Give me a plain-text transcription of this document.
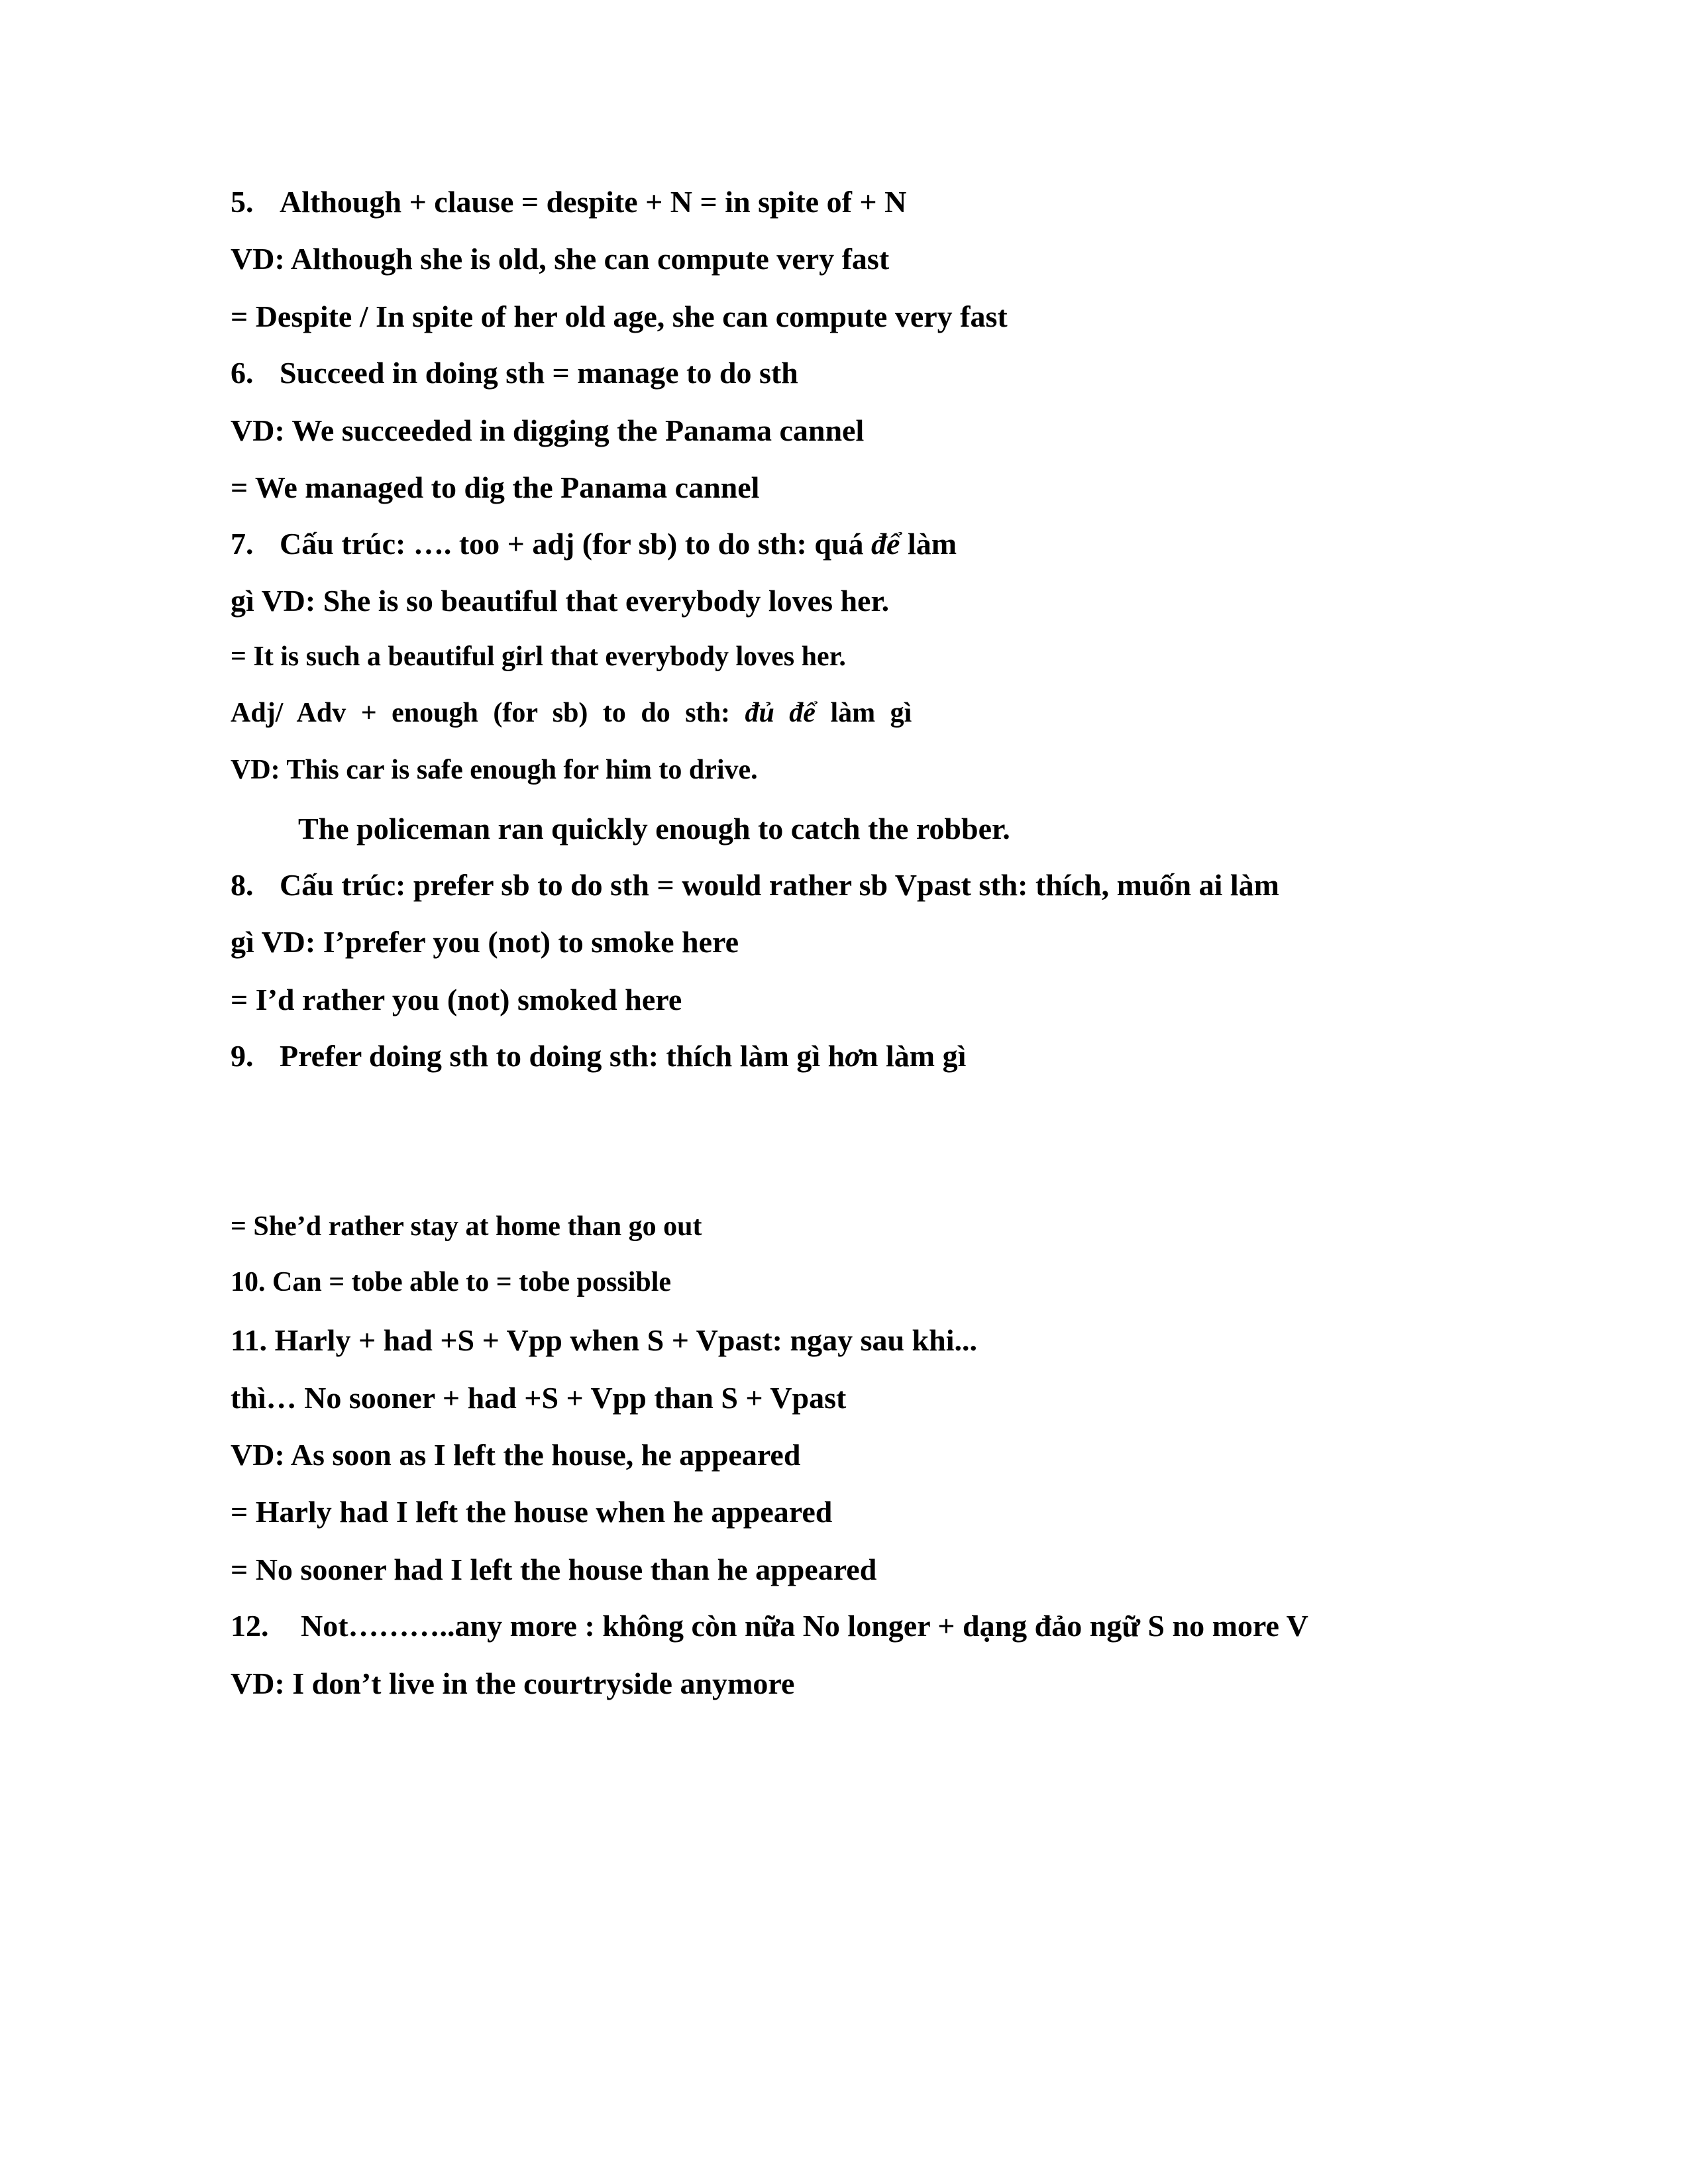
5. Although + clause = despite + N = in spite of + N
VD: Although she is old, she can compute very fast
= Despite / In spite of her old age, she can compute very fast
6. Succeed in doing sth = manage to do sth
VD: We succeeded in digging the Panama cannel
= We managed to dig the Panama cannel
7. Cấu trúc: …. too + adj (for sb) to do sth: quá để làm
gì VD: She is so beautiful that everybody loves her.
= It is such a beautiful girl that everybody loves her.
Adj/ Adv + enough (for sb) to do sth: đủ để làm gì
VD: This car is safe enough for him to drive.
The policeman ran quickly enough to catch the robber.
8. Cấu trúc: prefer sb to do sth = would rather sb Vpast sth: thích, muốn ai làm
gì VD: I’prefer you (not) to smoke here
= I’d rather you (not) smoked here
9. Prefer doing sth to doing sth: thích làm gì hơn làm gì
= She’d rather stay at home than go out
10. Can = tobe able to = tobe possible
11. Harly + had +S + Vpp when S + Vpast: ngay sau khi...
thì… No sooner + had +S + Vpp than S + Vpast
VD: As soon as I left the house, he appeared
= Harly had I left the house when he appeared
= No sooner had I left the house than he appeared
12. Not………..any more : không còn nữa No longer + dạng đảo ngữ S no more V
VD: I don’t live in the courtryside anymore
